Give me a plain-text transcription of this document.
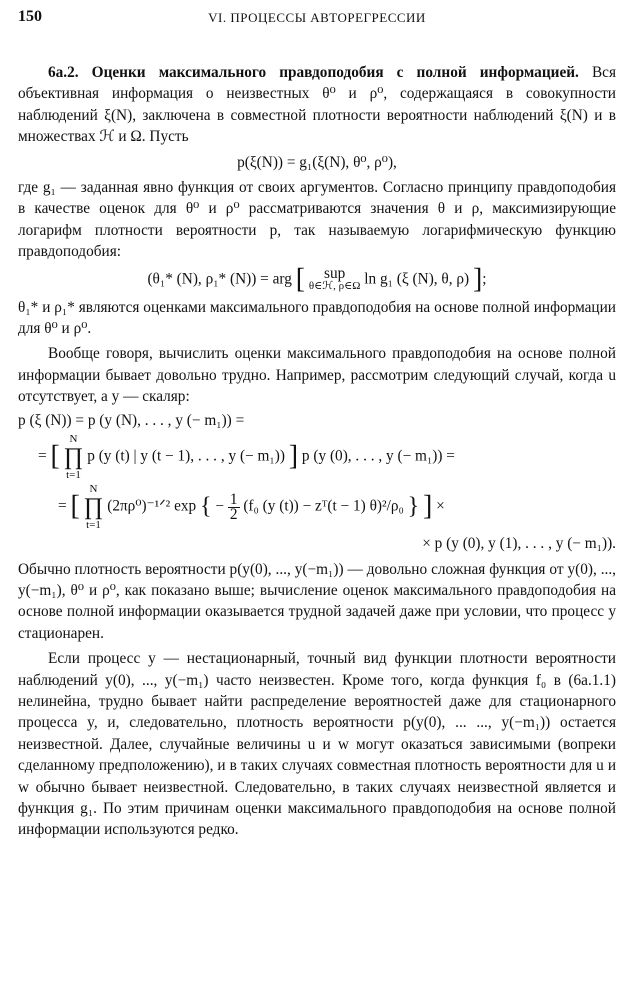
150	VI. ПРОЦЕССЫ АВТОРЕГРЕССИИ

6а.2. Оценки максимального правдоподобия с полной информацией. Вся объективная информация о неизвестных θ⁰ и ρ⁰, содержащаяся в совокупности наблюдений ξ(N), заключена в совместной плотности вероятности наблюдений ξ(N) и в множествах ℋ и Ω. Пусть

p(ξ(N)) = g₁(ξ(N), θ⁰, ρ⁰),

где g₁ — заданная явно функция от своих аргументов. Согласно принципу правдоподобия в качестве оценок для θ⁰ и ρ⁰ рассматриваются значения θ и ρ, максимизирующие логарифм плотности вероятности p, так называемую логарифмическую функцию правдоподобия:

(θ₁* (N), ρ₁* (N)) = arg [ sup
θ∈ℋ, ρ∈Ω ln g₁ (ξ (N), θ, ρ) ];

θ₁* и ρ₁* являются оценками максимального правдоподобия на основе полной информации для θ⁰ и ρ⁰.

Вообще говоря, вычислить оценки максимального правдоподобия на основе полной информации бывает довольно трудно. Например, рассмотрим следующий случай, когда u отсутствует, а y — скаляр:

p (ξ (N)) = p (y (N), . . . , y (− m₁)) =
= [ N
∏
t=1 p (y (t) | y (t − 1), . . . , y (− m₁)) ] p (y (0), . . . , y (− m₁)) =
= [ N
∏
t=1 (2πρ⁰)⁻¹ᐟ² exp { − $\frac{1}{2} (f_0$ (y (t)) − zᵀ(t − 1) θ)²/ρ₀ } ] ×
× p (y (0), y (1), . . . , y (− m₁)).

Обычно плотность вероятности p(y(0), ..., y(−m₁)) — довольно сложная функция от y(0), ..., y(−m₁), θ⁰ и ρ⁰, как показано выше; вычисление оценок максимального правдоподобия на основе полной информации оказывается трудной задачей даже при условии, что процесс y стационарен.

Если процесс y — нестационарный, точный вид функции плотности вероятности наблюдений y(0), ..., y(−m₁) часто неизвестен. Кроме того, когда функция f₀ в (6а.1.1) нелинейна, трудно бывает найти распределение вероятностей даже для стационарного процесса y, и, следовательно, плотность вероятности p(y(0), ... ..., y(−m₁)) остается неизвестной. Далее, случайные величины u и w могут оказаться зависимыми (вопреки сделанному предположению), и в таких случаях совместная плотность вероятности для u и w обычно бывает неизвестной. Следовательно, в таких случаях неизвестной является и функция g₁. По этим причинам оценки максимального правдоподобия на основе полной информации используются редко.
